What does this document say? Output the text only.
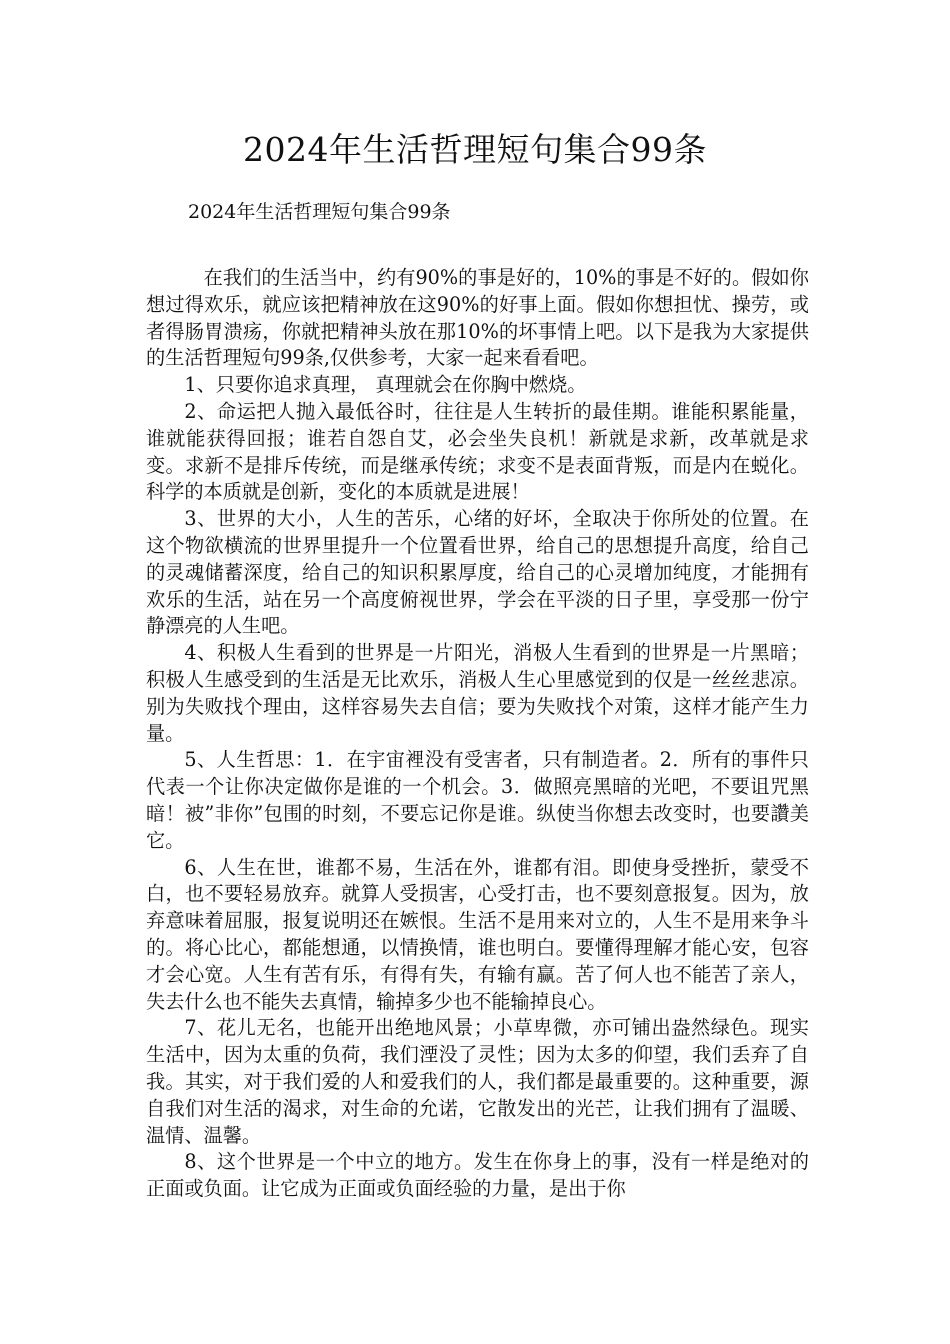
2024年生活哲理短句集合99条
2024年生活哲理短句集合99条

在我们的生活当中，约有90%的事是好的，10%的事是不好的。假如你想过得欢乐，就应该把精神放在这90%的好事上面。假如你想担忧、操劳，或者得肠胃溃疡，你就把精神头放在那10%的坏事情上吧。以下是我为大家提供的生活哲理短句99条,仅供参考，大家一起来看看吧。

1、只要你追求真理， 真理就会在你胸中燃烧。

2、命运把人抛入最低谷时，往往是人生转折的最佳期。谁能积累能量，谁就能获得回报；谁若自怨自艾，必会坐失良机！新就是求新，改革就是求变。求新不是排斥传统，而是继承传统；求变不是表面背叛，而是内在蜕化。科学的本质就是创新，变化的本质就是进展！

3、世界的大小，人生的苦乐，心绪的好坏，全取决于你所处的位置。在这个物欲横流的世界里提升一个位置看世界，给自己的思想提升高度，给自己的灵魂储蓄深度，给自己的知识积累厚度，给自己的心灵增加纯度，才能拥有欢乐的生活，站在另一个高度俯视世界，学会在平淡的日子里，享受那一份宁静漂亮的人生吧。

4、积极人生看到的世界是一片阳光，消极人生看到的世界是一片黑暗；积极人生感受到的生活是无比欢乐，消极人生心里感觉到的仅是一丝丝悲凉。别为失败找个理由，这样容易失去自信；要为失败找个对策，这样才能产生力量。

5、人生哲思：1．在宇宙裡没有受害者，只有制造者。2．所有的事件只代表一个让你决定做你是谁的一个机会。3．做照亮黑暗的光吧，不要诅咒黑暗！被”非你”包围的时刻，不要忘记你是谁。纵使当你想去改变时，也要讚美它。

6、人生在世，谁都不易，生活在外，谁都有泪。即使身受挫折，蒙受不白，也不要轻易放弃。就算人受损害，心受打击，也不要刻意报复。因为，放弃意味着屈服，报复说明还在嫉恨。生活不是用来对立的，人生不是用来争斗的。将心比心，都能想通，以情换情，谁也明白。要懂得理解才能心安，包容才会心宽。人生有苦有乐，有得有失，有输有赢。苦了何人也不能苦了亲人，失去什么也不能失去真情，输掉多少也不能输掉良心。

7、花儿无名，也能开出绝地风景；小草卑微，亦可铺出盎然绿色。现实生活中，因为太重的负荷，我们湮没了灵性；因为太多的仰望，我们丢弃了自我。其实，对于我们爱的人和爱我们的人，我们都是最重要的。这种重要，源自我们对生活的渴求，对生命的允诺，它散发出的光芒，让我们拥有了温暖、温情、温馨。

8、这个世界是一个中立的地方。发生在你身上的事，没有一样是绝对的正面或负面。让它成为正面或负面经验的力量，是出于你
